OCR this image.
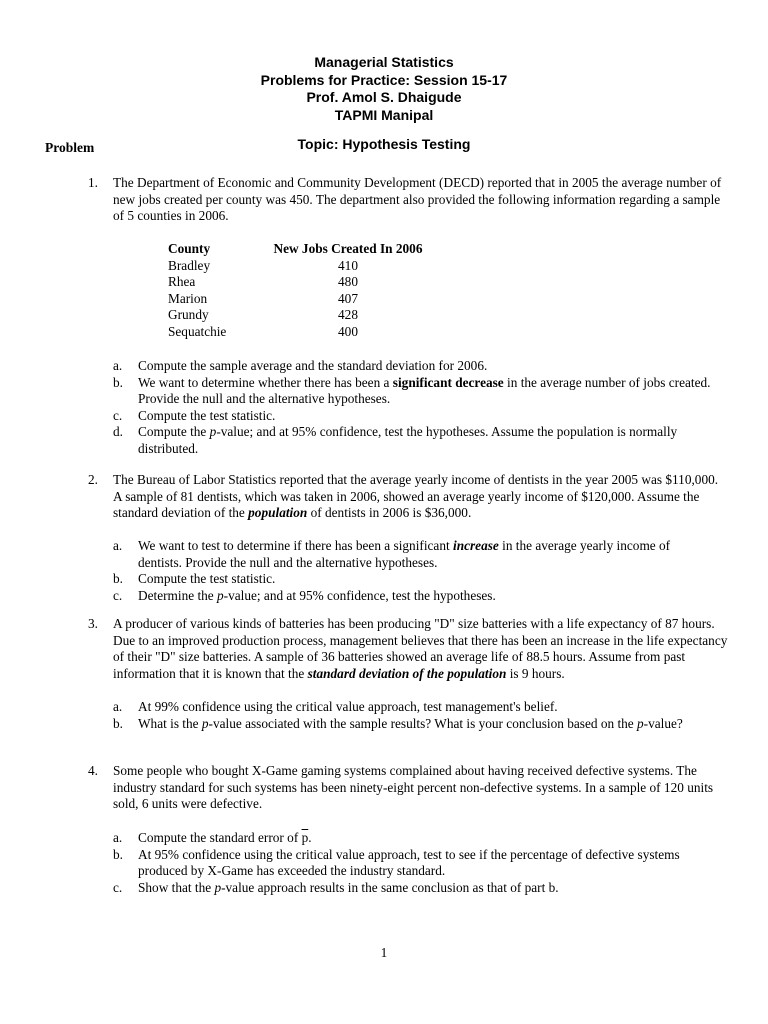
Managerial Statistics
Problems for Practice: Session 15-17
Prof. Amol S. Dhaigude
TAPMI Manipal
Problem	Topic: Hypothesis Testing
1. The Department of Economic and Community Development (DECD) reported that in 2005 the average number of new jobs created per county was 450. The department also provided the following information regarding a sample of 5 counties in 2006.
County	New Jobs Created In 2006
Bradley	410
Rhea	480
Marion	407
Grundy	428
Sequatchie	400
a. Compute the sample average and the standard deviation for 2006.
b. We want to determine whether there has been a significant decrease in the average number of jobs created. Provide the null and the alternative hypotheses.
c. Compute the test statistic.
d. Compute the p-value; and at 95% confidence, test the hypotheses. Assume the population is normally distributed.
2. The Bureau of Labor Statistics reported that the average yearly income of dentists in the year 2005 was $110,000. A sample of 81 dentists, which was taken in 2006, showed an average yearly income of $120,000. Assume the standard deviation of the population of dentists in 2006 is $36,000.
a. We want to test to determine if there has been a significant increase in the average yearly income of dentists. Provide the null and the alternative hypotheses.
b. Compute the test statistic.
c. Determine the p-value; and at 95% confidence, test the hypotheses.
3. A producer of various kinds of batteries has been producing "D" size batteries with a life expectancy of 87 hours. Due to an improved production process, management believes that there has been an increase in the life expectancy of their "D" size batteries. A sample of 36 batteries showed an average life of 88.5 hours. Assume from past information that it is known that the standard deviation of the population is 9 hours.
a. At 99% confidence using the critical value approach, test management's belief.
b. What is the p-value associated with the sample results? What is your conclusion based on the p-value?
4. Some people who bought X-Game gaming systems complained about having received defective systems. The industry standard for such systems has been ninety-eight percent non-defective systems. In a sample of 120 units sold, 6 units were defective.
a. Compute the standard error of $\overline{p}$.
b. At 95% confidence using the critical value approach, test to see if the percentage of defective systems produced by X-Game has exceeded the industry standard.
c. Show that the p-value approach results in the same conclusion as that of part b.
1
